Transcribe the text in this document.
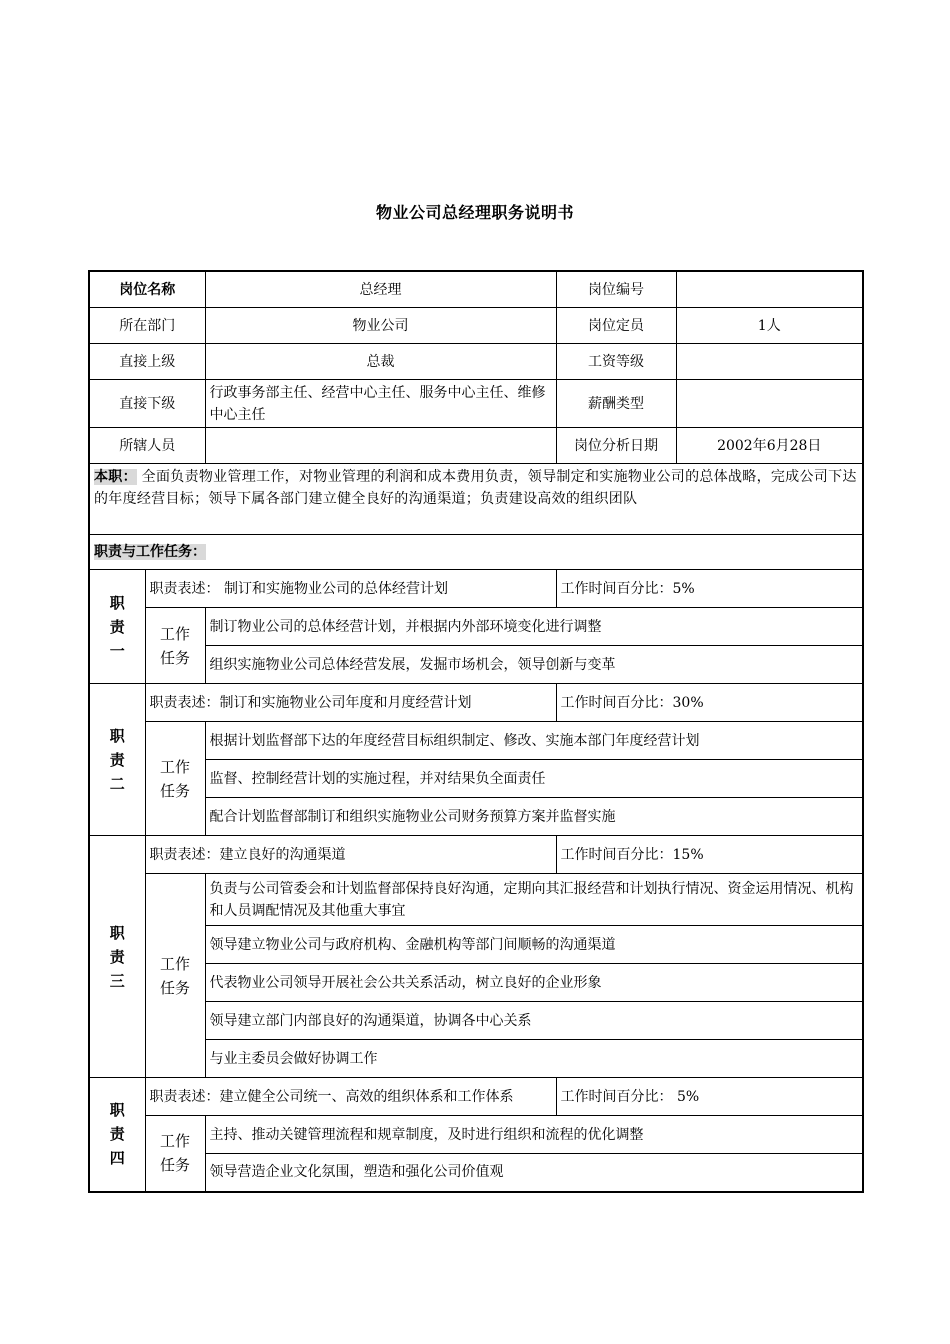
物业公司总经理职务说明书
岗位名称		总经理	岗位编号	
所在部门		物业公司	岗位定员	1人
直接上级		总裁	工资等级	
直接下级		行政事务部主任、经营中心主任、服务中心主任、维修中心主任	薪酬类型	
所辖人员			岗位分析日期	2002年6月28日
本职： 全面负责物业管理工作，对物业管理的利润和成本费用负责，领导制定和实施物业公司的总体战略，完成公司下达的年度经营目标；领导下属各部门建立健全良好的沟通渠道；负责建设高效的组织团队				
职责与工作任务：				
职
责
一	职责表述： 制订和实施物业公司的总体经营计划		工作时间百分比：5%	
	工作
任务	制订物业公司的总体经营计划，并根据内外部环境变化进行调整		
		组织实施物业公司总体经营发展，发掘市场机会，领导创新与变革		
职
责
二	职责表述：制订和实施物业公司年度和月度经营计划		工作时间百分比：30%	
	工作
任务	根据计划监督部下达的年度经营目标组织制定、修改、实施本部门年度经营计划		
		监督、控制经营计划的实施过程，并对结果负全面责任		
		配合计划监督部制订和组织实施物业公司财务预算方案并监督实施		
职
责
三	职责表述：建立良好的沟通渠道		工作时间百分比：15%	
	工作
任务	负责与公司管委会和计划监督部保持良好沟通，定期向其汇报经营和计划执行情况、资金运用情况、机构和人员调配情况及其他重大事宜		
		领导建立物业公司与政府机构、金融机构等部门间顺畅的沟通渠道		
		代表物业公司领导开展社会公共关系活动，树立良好的企业形象		
		领导建立部门内部良好的沟通渠道，协调各中心关系		
		与业主委员会做好协调工作		
职
责
四	职责表述：建立健全公司统一、高效的组织体系和工作体系		工作时间百分比： 5%	
	工作
任务	主持、推动关键管理流程和规章制度，及时进行组织和流程的优化调整		
		领导营造企业文化氛围，塑造和强化公司价值观		
